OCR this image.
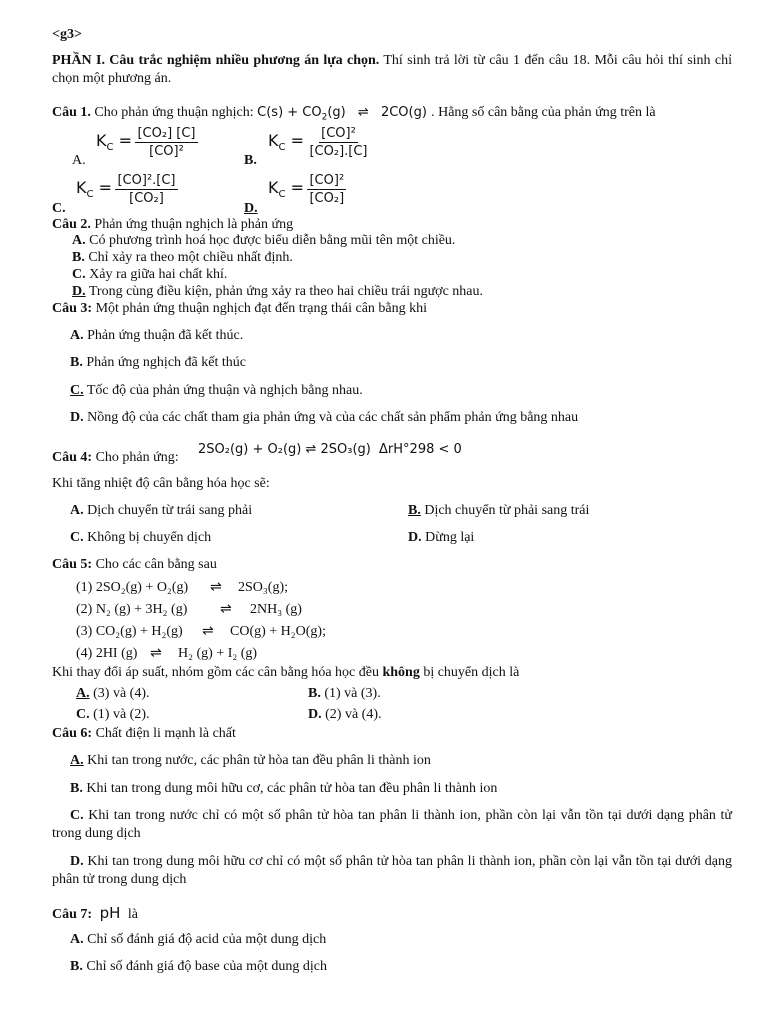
<g3>
PHẦN I. Câu trắc nghiệm nhiều phương án lựa chọn. Thí sinh trả lời từ câu 1 đến câu 18. Mỗi câu hỏi thí sinh chỉ chọn một phương án.
Câu 1. Cho phản ứng thuận nghịch: $C(s) + CO_2(g)$ ⇌ 2CO(g) . Hằng số cân bằng của phản ứng trên là
A.
$K_C = \frac{\text{[CO₂] [C]}}{\text{[CO]²}}$
B.
$K_C = \frac{\text{[CO]²}}{\text{[CO₂].[C]}}$
C.
$K_C = \frac{\text{[CO]².[C]}}{\text{[CO₂]}}$
D.
$K_C = \frac{\text{[CO]²}}{\text{[CO₂]}}$
Câu 2. Phản ứng thuận nghịch là phản ứng
A. Có phương trình hoá học được biểu diễn bằng mũi tên một chiều.
B. Chỉ xảy ra theo một chiều nhất định.
C. Xảy ra giữa hai chất khí.
D. Trong cùng điều kiện, phản ứng xảy ra theo hai chiều trái ngược nhau.
Câu 3: Một phản ứng thuận nghịch đạt đến trạng thái cân bằng khi
A. Phản ứng thuận đã kết thúc.
B. Phản ứng nghịch đã kết thúc
C. Tốc độ của phản ứng thuận và nghịch bằng nhau.
D. Nồng độ của các chất tham gia phản ứng và của các chất sản phẩm phản ứng bằng nhau
Câu 4: Cho phản ứng:
2SO₂(g) + O₂(g) ⇌ 2SO₃(g) ΔrH°298 < 0
Khi tăng nhiệt độ cân bằng hóa học sẽ:
A. Dịch chuyển từ trái sang phải	B. Dịch chuyển từ phải sang trái
C. Không bị chuyển dịch	D. Dừng lại
Câu 5: Cho các cân bằng sau
(1) 2SO₂(g) + O₂(g) ⇌ 2SO₃(g);
(2) N₂ (g) + 3H₂ (g) ⇌ 2NH₃ (g)
(3) CO₂(g) + H₂(g) ⇌ CO(g) + H₂O(g);
(4) 2HI (g) ⇌ H₂ (g) + I₂ (g)
Khi thay đổi áp suất, nhóm gồm các cân bằng hóa học đều không bị chuyển dịch là
A. (3) và (4).	B. (1) và (3).
C. (1) và (2).	D. (2) và (4).
Câu 6: Chất điện li mạnh là chất
A. Khi tan trong nước, các phân tử hòa tan đều phân li thành ion
B. Khi tan trong dung môi hữu cơ, các phân tử hòa tan đều phân li thành ion
C. Khi tan trong nước chỉ có một số phân tử hòa tan phân li thành ion, phần còn lại vẫn tồn tại dưới dạng phân tử trong dung dịch
D. Khi tan trong dung môi hữu cơ chỉ có một số phân tử hòa tan phân li thành ion, phần còn lại vẫn tồn tại dưới dạng phân tử trong dung dịch
Câu 7: pH là
A. Chỉ số đánh giá độ acid của một dung dịch
B. Chỉ số đánh giá độ base của một dung dịch
